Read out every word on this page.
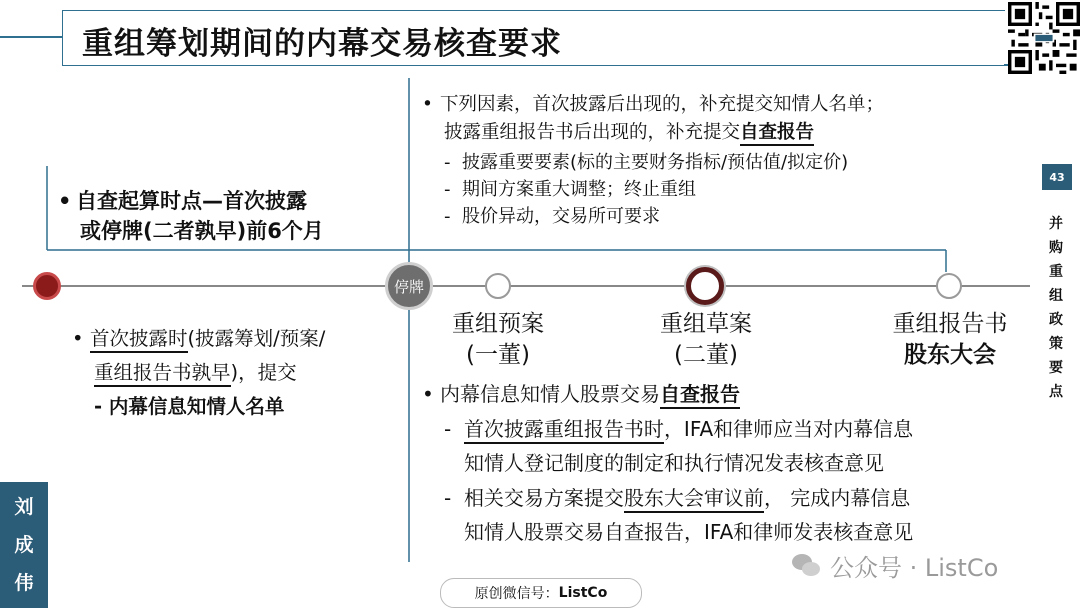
重组筹划期间的内幕交易核查要求
43
并
购
重
组
政
策
要
点
刘
成
伟
停牌
重组预案
(一董)
重组草案
(二董)
重组报告书
股东大会
• 自查起算时点—首次披露
或停牌(二者孰早)前6个月
• 下列因素，首次披露后出现的，补充提交知情人名单；
披露重组报告书后出现的，补充提交自查报告
-  披露重要要素(标的主要财务指标/预估值/拟定价)
-  期间方案重大调整；终止重组
-  股价异动，交易所可要求
• 首次披露时(披露筹划/预案/
重组报告书孰早)，提交
- 内幕信息知情人名单
• 内幕信息知情人股票交易自查报告
-  首次披露重组报告书时，IFA和律师应当对内幕信息
知情人登记制度的制定和执行情况发表核查意见
-  相关交易方案提交股东大会审议前， 完成内幕信息
知情人股票交易自查报告，IFA和律师发表核查意见
公众号 · ListCo
原创微信号： ListCo
